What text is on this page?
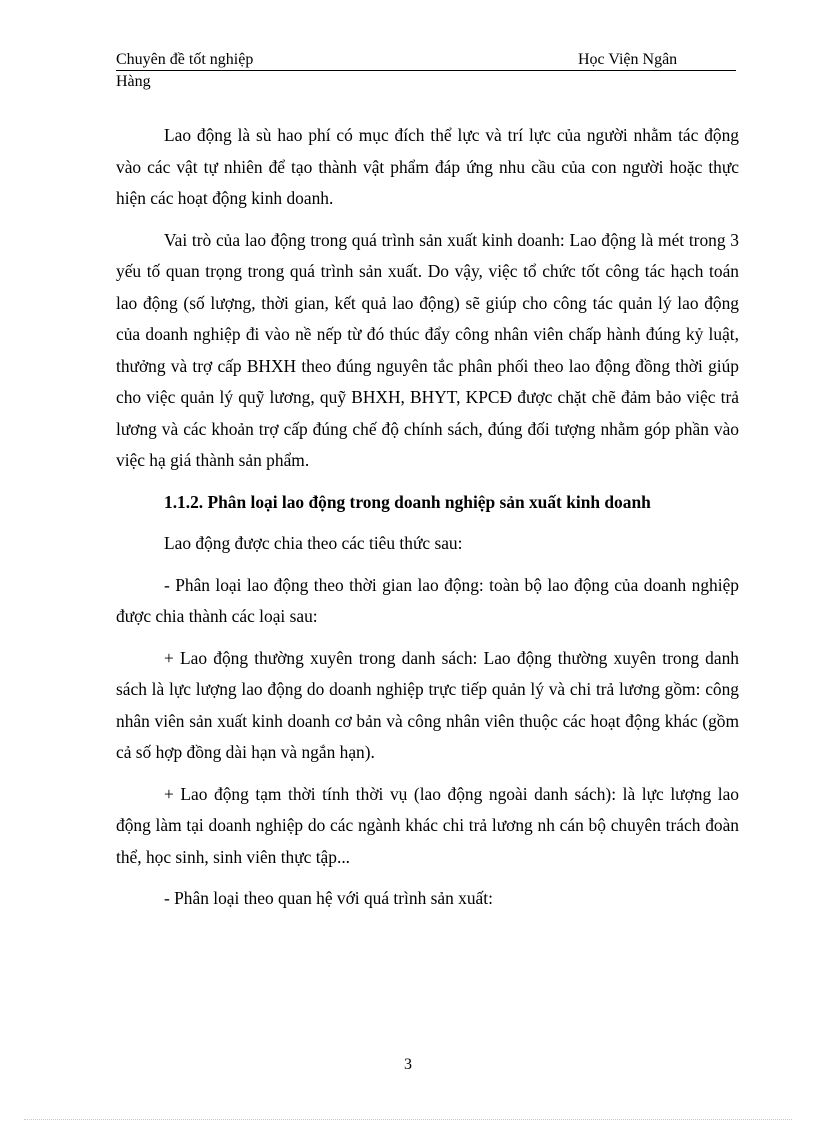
Chuyên đề tốt nghiệp	Học Viện Ngân
Hàng

Lao động là sù hao phí có mục đích thể lực và trí lực của người nhằm tác động vào các vật tự nhiên để tạo thành vật phẩm đáp ứng nhu cầu của con người hoặc thực hiện các hoạt động kinh doanh.

Vai trò của lao động trong quá trình sản xuất kinh doanh: Lao động là mét trong 3 yếu tố quan trọng trong quá trình sản xuất. Do vậy, việc tổ chức tốt công tác hạch toán lao động (số lượng, thời gian, kết quả lao động) sẽ giúp cho công tác quản lý lao động của doanh nghiệp đi vào nề nếp từ đó thúc đẩy công nhân viên chấp hành đúng kỷ luật, thưởng và trợ cấp BHXH theo đúng nguyên tắc phân phối theo lao động đồng thời giúp cho việc quản lý quỹ lương, quỹ BHXH, BHYT, KPCĐ được chặt chẽ đảm bảo việc trả lương và các khoản trợ cấp đúng chế độ chính sách, đúng đối tượng nhằm góp phần vào việc hạ giá thành sản phẩm.

1.1.2. Phân loại lao động trong doanh nghiệp sản xuất kinh doanh

Lao động được chia theo các tiêu thức sau:

- Phân loại lao động theo thời gian lao động: toàn bộ lao động của doanh nghiệp được chia thành các loại sau:

+ Lao động thường xuyên trong danh sách: Lao động thường xuyên trong danh sách là lực lượng lao động do doanh nghiệp trực tiếp quản lý và chi trả lương gồm: công nhân viên sản xuất kinh doanh cơ bản và công nhân viên thuộc các hoạt động khác (gồm cả số hợp đồng dài hạn và ngắn hạn).

+ Lao động tạm thời tính thời vụ (lao động ngoài danh sách): là lực lượng lao động làm tại doanh nghiệp do các ngành khác chi trả lương nh cán bộ chuyên trách đoàn thể, học sinh, sinh viên thực tập...

- Phân loại theo quan hệ với quá trình sản xuất:

3
